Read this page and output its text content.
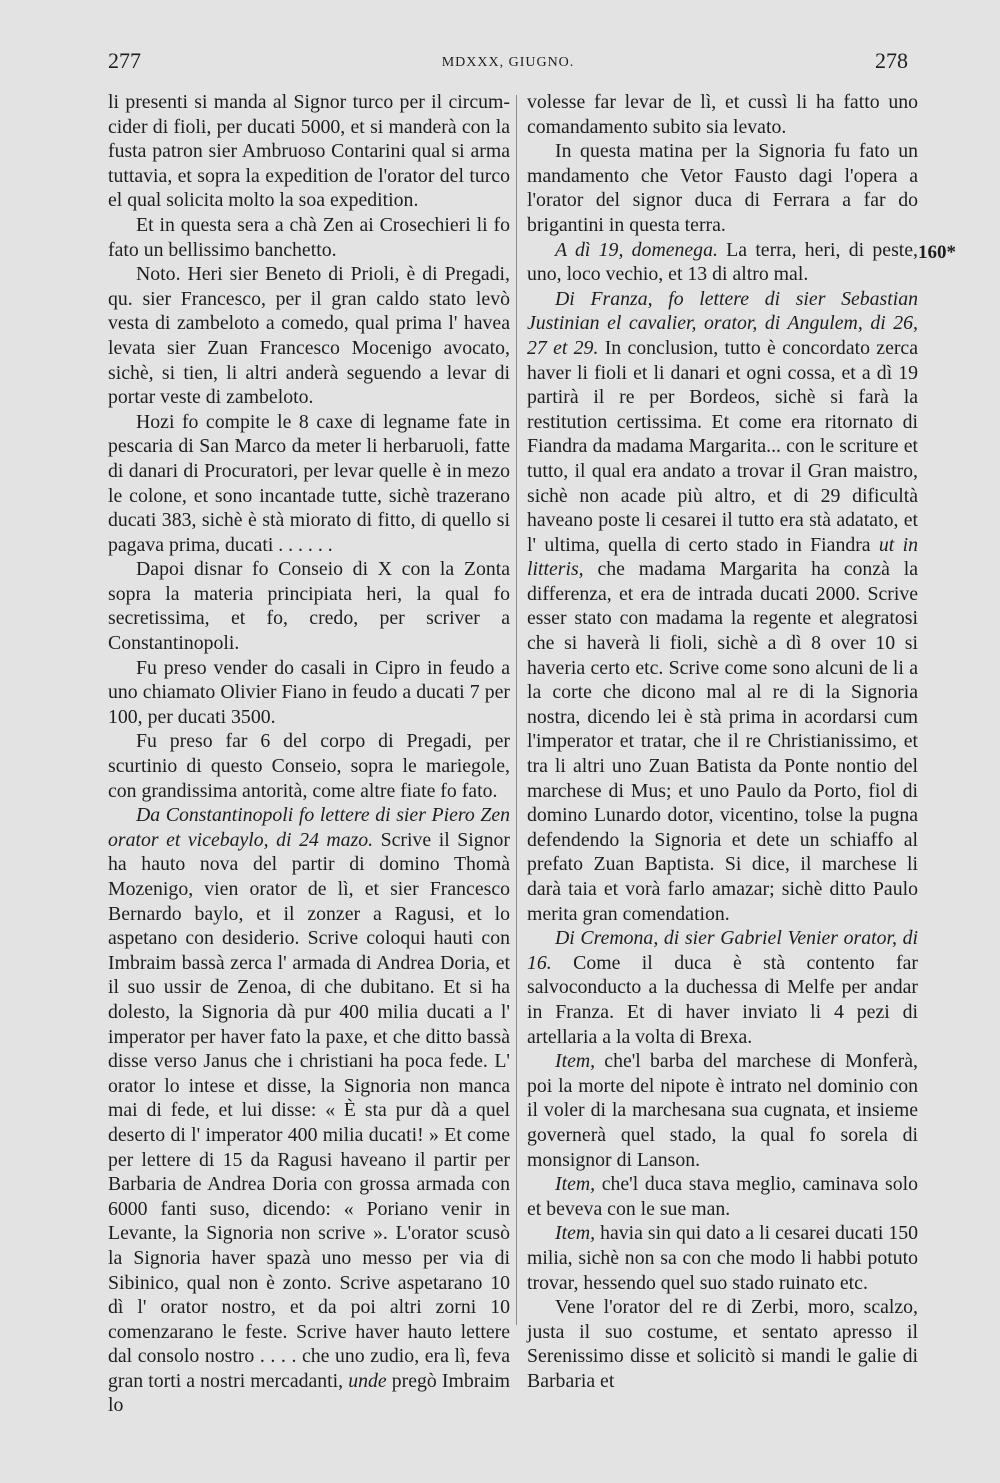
277	MDXXX, GIUGNO.	278

li presenti si manda al Signor turco per il circum-cider di fioli, per ducati 5000, et si manderà con la fusta patron sier Ambruoso Contarini qual si arma tuttavia, et sopra la expedition de l'orator del turco el qual solicita molto la soa expedition.

Et in questa sera a chà Zen ai Crosechieri li fo fato un bellissimo banchetto.

Noto. Heri sier Beneto di Prioli, è di Pregadi, qu. sier Francesco, per il gran caldo stato levò vesta di zambeloto a comedo, qual prima l' havea levata sier Zuan Francesco Mocenigo avocato, sichè, si tien, li altri anderà seguendo a levar di portar veste di zambeloto.

Hozi fo compite le 8 caxe di legname fate in pescaria di San Marco da meter li herbaruoli, fatte di danari di Procuratori, per levar quelle è in mezo le colone, et sono incantade tutte, sichè trazerano ducati 383, sichè è stà miorato di fitto, di quello si pagava prima, ducati . . . . . .

Dapoi disnar fo Conseio di X con la Zonta sopra la materia principiata heri, la qual fo secretissima, et fo, credo, per scriver a Constantinopoli.

Fu preso vender do casali in Cipro in feudo a uno chiamato Olivier Fiano in feudo a ducati 7 per 100, per ducati 3500.

Fu preso far 6 del corpo di Pregadi, per scurtinio di questo Conseio, sopra le mariegole, con grandissima antorità, come altre fiate fo fato.

Da Constantinopoli fo lettere di sier Piero Zen orator et vicebaylo, di 24 mazo. Scrive il Signor ha hauto nova del partir di domino Thomà Mozenigo, vien orator de lì, et sier Francesco Bernardo baylo, et il zonzer a Ragusi, et lo aspetano con desiderio. Scrive coloqui hauti con Imbraim bassà zerca l' armada di Andrea Doria, et il suo ussir de Zenoa, di che dubitano. Et si ha dolesto, la Signoria dà pur 400 milia ducati a l' imperator per haver fato la paxe, et che ditto bassà disse verso Janus che i christiani ha poca fede. L' orator lo intese et disse, la Signoria non manca mai di fede, et lui disse: « È sta pur dà a quel deserto di l' imperator 400 milia ducati! » Et come per lettere di 15 da Ragusi haveano il partir per Barbaria de Andrea Doria con grossa armada con 6000 fanti suso, dicendo: « Poriano venir in Levante, la Signoria non scrive ». L'orator scusò la Signoria haver spazà uno messo per via di Sibinico, qual non è zonto. Scrive aspetarano 10 dì l' orator nostro, et da poi altri zorni 10 comenzarano le feste. Scrive haver hauto lettere dal consolo nostro . . . . che uno zudio, era lì, feva gran torti a nostri mercadanti, unde pregò Imbraim lo

volesse far levar de lì, et cussì li ha fatto uno comandamento subito sia levato.

In questa matina per la Signoria fu fato un mandamento che Vetor Fausto dagi l'opera a l'orator del signor duca di Ferrara a far do brigantini in questa terra.

A dì 19, domenega. La terra, heri, di peste, uno, loco vechio, et 13 di altro mal.

Di Franza, fo lettere di sier Sebastian Justinian el cavalier, orator, di Angulem, di 26, 27 et 29. In conclusion, tutto è concordato zerca haver li fioli et li danari et ogni cossa, et a dì 19 partirà il re per Bordeos, sichè si farà la restitution certissima. Et come era ritornato di Fiandra da madama Margarita... con le scriture et tutto, il qual era andato a trovar il Gran maistro, sichè non acade più altro, et di 29 dificultà haveano poste li cesarei il tutto era stà adatato, et l' ultima, quella di certo stado in Fiandra ut in litteris, che madama Margarita ha conzà la differenza, et era de intrada ducati 2000. Scrive esser stato con madama la regente et alegratosi che si haverà li fioli, sichè a dì 8 over 10 si haveria certo etc. Scrive come sono alcuni de li a la corte che dicono mal al re di la Signoria nostra, dicendo lei è stà prima in acordarsi cum l'imperator et tratar, che il re Christianissimo, et tra li altri uno Zuan Batista da Ponte nontio del marchese di Mus; et uno Paulo da Porto, fiol di domino Lunardo dotor, vicentino, tolse la pugna defendendo la Signoria et dete un schiaffo al prefato Zuan Baptista. Si dice, il marchese li darà taia et vorà farlo amazar; sichè ditto Paulo merita gran comendation.

Di Cremona, di sier Gabriel Venier orator, di 16. Come il duca è stà contento far salvoconducto a la duchessa di Melfe per andar in Franza. Et di haver inviato li 4 pezi di artellaria a la volta di Brexa.

Item, che'l barba del marchese di Monferà, poi la morte del nipote è intrato nel dominio con il voler di la marchesana sua cugnata, et insieme governerà quel stado, la qual fo sorela di monsignor di Lanson.

Item, che'l duca stava meglio, caminava solo et beveva con le sue man.

Item, havia sin qui dato a li cesarei ducati 150 milia, sichè non sa con che modo li habbi potuto trovar, hessendo quel suo stado ruinato etc.

Vene l'orator del re di Zerbi, moro, scalzo, justa il suo costume, et sentato apresso il Serenissimo disse et solicitò si mandi le galie di Barbaria et

160*
